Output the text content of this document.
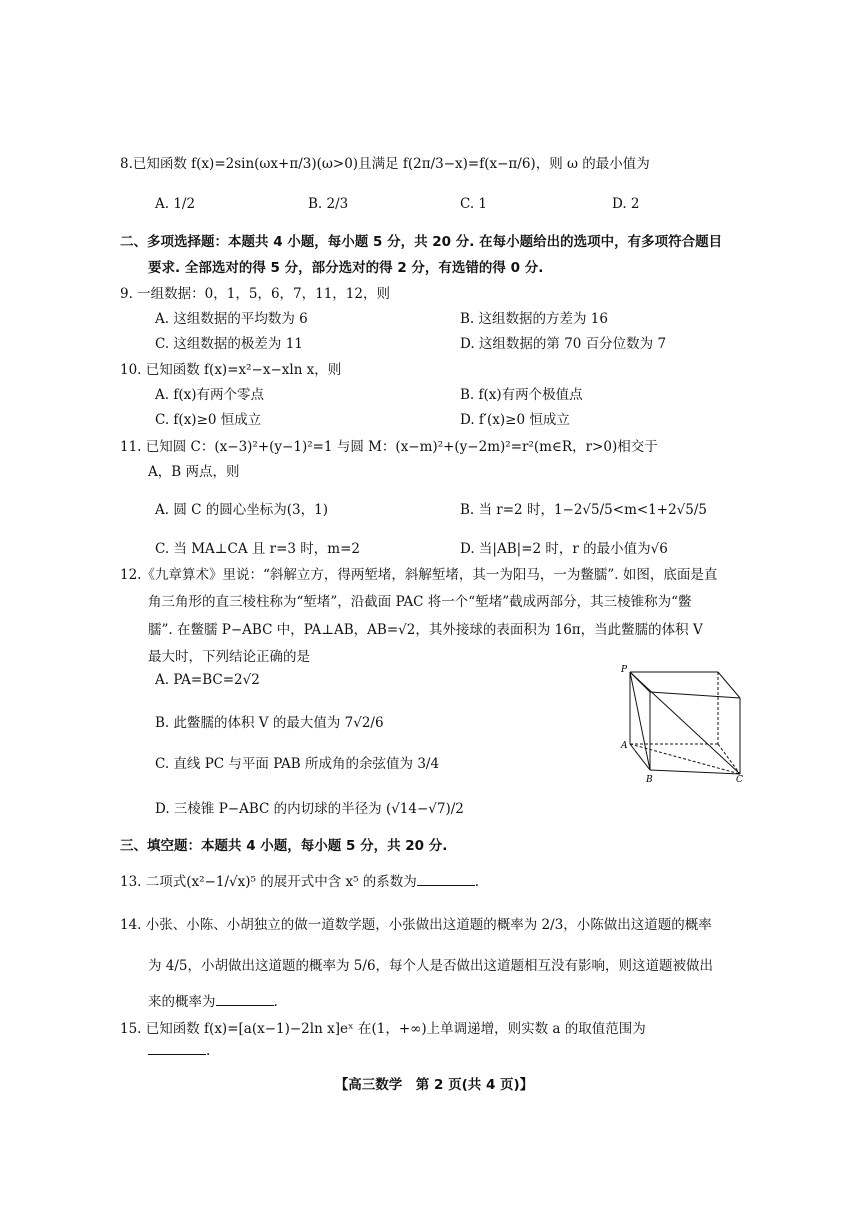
8.已知函数 f(x)=2sin(ωx+π/3)(ω>0)且满足 f(2π/3−x)=f(x−π/6)，则 ω 的最小值为
A. 1/2	B. 2/3	C. 1	D. 2
二、多项选择题：本题共 4 小题，每小题 5 分，共 20 分. 在每小题给出的选项中，有多项符合题目
要求. 全部选对的得 5 分，部分选对的得 2 分，有选错的得 0 分.
9. 一组数据：0，1，5，6，7，11，12，则
A. 这组数据的平均数为 6	B. 这组数据的方差为 16
C. 这组数据的极差为 11	D. 这组数据的第 70 百分位数为 7
10. 已知函数 f(x)=x²−x−xln x，则
A. f(x)有两个零点	B. f(x)有两个极值点
C. f(x)≥0 恒成立	D. f′(x)≥0 恒成立
11. 已知圆 C：(x−3)²+(y−1)²=1 与圆 M：(x−m)²+(y−2m)²=r²(m∈R，r>0)相交于
A，B 两点，则
A. 圆 C 的圆心坐标为(3，1)	B. 当 r=2 时，1−2√5/5<m<1+2√5/5
C. 当 MA⊥CA 且 r=3 时，m=2	D. 当|AB|=2 时，r 的最小值为√6
12.《九章算术》里说：“斜解立方，得两堑堵，斜解堑堵，其一为阳马，一为鳖臑”. 如图，底面是直
角三角形的直三棱柱称为“堑堵”，沿截面 PAC 将一个“堑堵”截成两部分，其三棱锥称为“鳖
臑”. 在鳖臑 P−ABC 中，PA⊥AB，AB=√2，其外接球的表面积为 16π，当此鳖臑的体积 V
最大时，下列结论正确的是
A. PA=BC=2√2
B. 此鳖臑的体积 V 的最大值为 7√2/6
C. 直线 PC 与平面 PAB 所成角的余弦值为 3/4
D. 三棱锥 P−ABC 的内切球的半径为 (√14−√7)/2
P
A
B	C
三、填空题：本题共 4 小题，每小题 5 分，共 20 分.
13. 二项式(x²−1/√x)⁵ 的展开式中含 x⁵ 的系数为	.
14. 小张、小陈、小胡独立的做一道数学题，小张做出这道题的概率为 2/3，小陈做出这道题的概率
为 4/5，小胡做出这道题的概率为 5/6，每个人是否做出这道题相互没有影响，则这道题被做出
来的概率为	.
15. 已知函数 f(x)=[a(x−1)−2ln x]eˣ 在(1，+∞)上单调递增，则实数 a 的取值范围为
.
【高三数学　第 2 页(共 4 页)】
